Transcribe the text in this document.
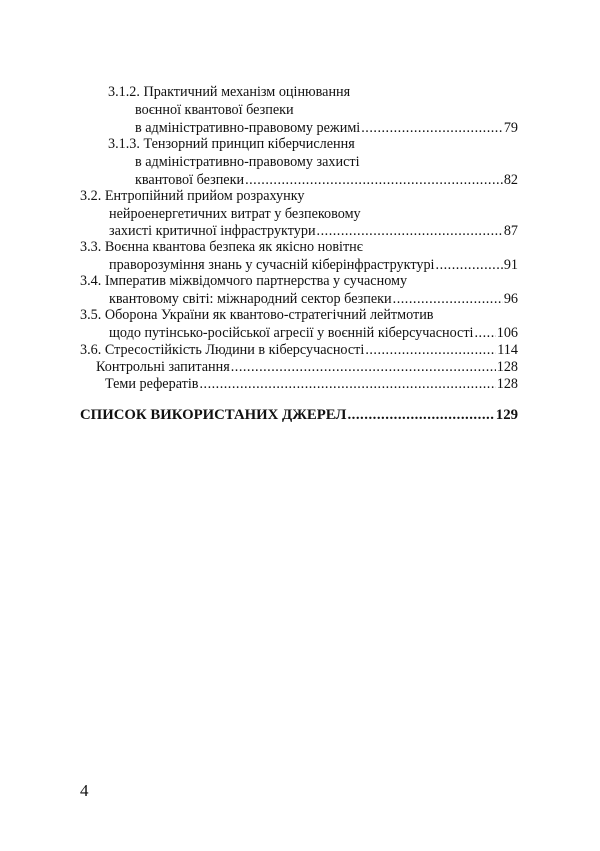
3.1.2. Практичний механізм оцінювання
воєнної квантової безпеки
в адміністративно-правовому режимі .....	79
3.1.3. Тензорний принцип кіберчислення
в адміністративно-правовому захисті
квантової безпеки .....	82
3.2. Ентропійний прийом розрахунку
нейроенергетичних витрат у безпековому
захисті критичної інфраструктури .....	87
3.3. Воєнна квантова безпека як якісно новітнє
праворозуміння знань у сучасній кіберінфраструктурі .....	91
3.4. Імператив міжвідомчого партнерства у сучасному
квантовому світі: міжнародний сектор безпеки .....	96
3.5. Оборона України як квантово-стратегічний лейтмотив
щодо путінсько-російської агресії у воєнній кіберсучасності ..... 106
3.6. Стресостійкість Людини в кіберсучасності .....	114
Контрольні запитання .....	128
Теми рефератів .....	128
СПИСОК ВИКОРИСТАНИХ ДЖЕРЕЛ .....	129
4
